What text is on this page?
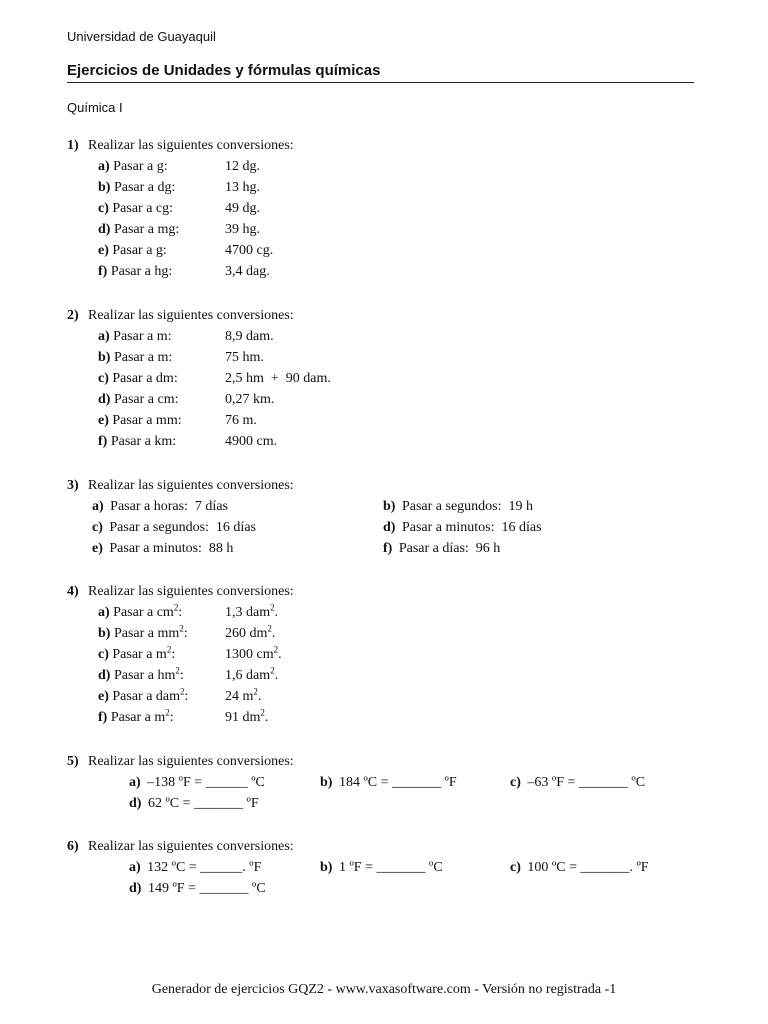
Universidad de Guayaquil
Ejercicios de Unidades y fórmulas químicas
Química I
1) Realizar las siguientes conversiones:
a) Pasar a g:	12 dg.
b) Pasar a dg:	13 hg.
c) Pasar a cg:	49 dg.
d) Pasar a mg:	39 hg.
e) Pasar a g:	4700 cg.
f) Pasar a hg:	3,4 dag.
2) Realizar las siguientes conversiones:
a) Pasar a m:	8,9 dam.
b) Pasar a m:	75 hm.
c) Pasar a dm:	2,5 hm  +  90 dam.
d) Pasar a cm:	0,27 km.
e) Pasar a mm:	76 m.
f) Pasar a km:	4900 cm.
3) Realizar las siguientes conversiones:
a) Pasar a horas:  7 días	b) Pasar a segundos:  19 h
c) Pasar a segundos:  16 días	d) Pasar a minutos:  16 días
e) Pasar a minutos:  88 h	f) Pasar a días:  96 h
4) Realizar las siguientes conversiones:
a) Pasar a $cm^2$:	1,3 dam$^2$.
b) Pasar a $mm^2$:	260 $dm^2$.
c) Pasar a $m^2$:	1300 $cm^2$.
d) Pasar a $hm^2$:	1,6 dam$^2$.
e) Pasar a dam$^2$:	24 $m^2$.
f) Pasar a $m^2$:	91 $dm^2$.
5) Realizar las siguientes conversiones:
a) –138 ºF = ______ ºC	b) 184 ºC = _______ ºF	c) –63 ºF = _______ ºC
d) 62 ºC = _______ ºF
6) Realizar las siguientes conversiones:
a) 132 ºC = ______. ºF	b) 1 ºF = _______ ºC	c) 100 ºC = _______. ºF
d) 149 ºF = _______ ºC
Generador de ejercicios GQZ2 - www.vaxasoftware.com - Versión no registrada -1
